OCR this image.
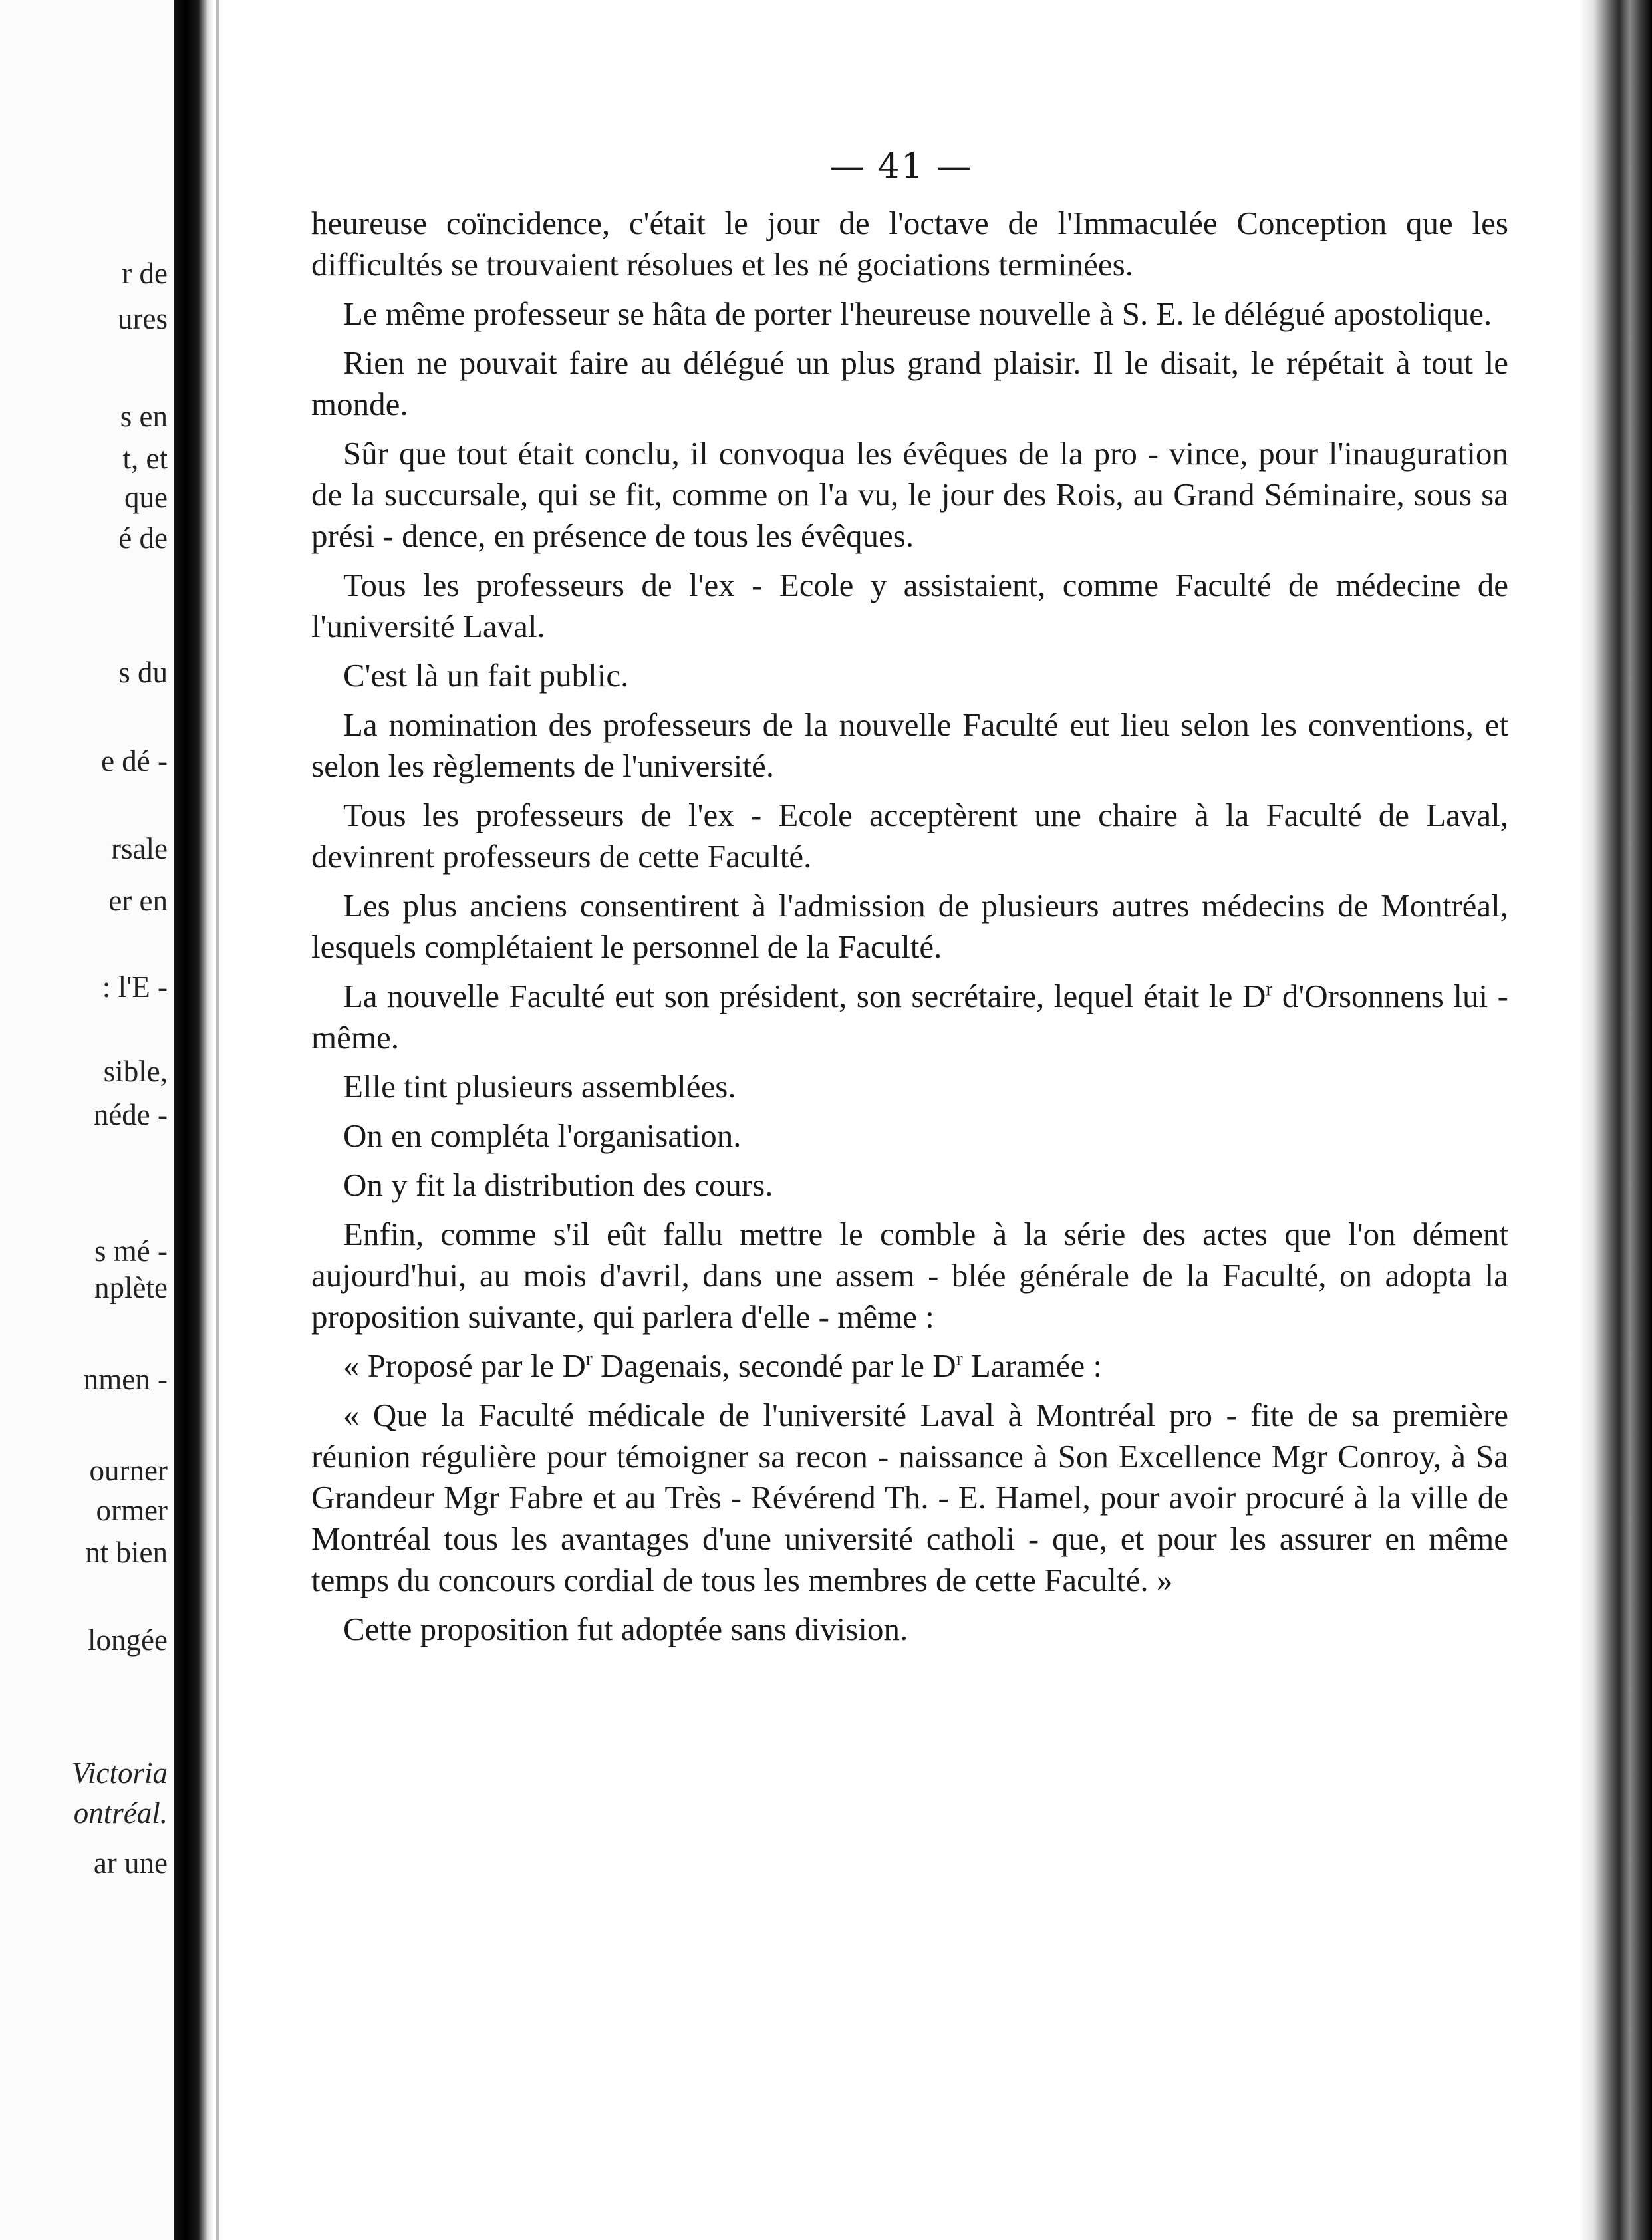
r de
ures
s en
t, et
que
é de
s du
e dé -
rsale
er en
: l'E -
sible,
néde -
s mé -
nplète
nmen -
ourner
ormer
nt bien
longée
Victoria
ontréal.
ar une
— 41 —

heureuse coïncidence, c'était le jour de l'octave de l'Immaculée Conception que les difficultés se trouvaient résolues et les né gociations terminées.

Le même professeur se hâta de porter l'heureuse nouvelle à S. E. le délégué apostolique.

Rien ne pouvait faire au délégué un plus grand plaisir. Il le disait, le répétait à tout le monde.

Sûr que tout était conclu, il convoqua les évêques de la pro - vince, pour l'inauguration de la succursale, qui se fit, comme on l'a vu, le jour des Rois, au Grand Séminaire, sous sa prési - dence, en présence de tous les évêques.

Tous les professeurs de l'ex - Ecole y assistaient, comme Faculté de médecine de l'université Laval.

C'est là un fait public.

La nomination des professeurs de la nouvelle Faculté eut lieu selon les conventions, et selon les règlements de l'université.

Tous les professeurs de l'ex - Ecole acceptèrent une chaire à la Faculté de Laval, devinrent professeurs de cette Faculté.

Les plus anciens consentirent à l'admission de plusieurs autres médecins de Montréal, lesquels complétaient le personnel de la Faculté.

La nouvelle Faculté eut son président, son secrétaire, lequel était le $D^r$ d'Orsonnens lui - même.

Elle tint plusieurs assemblées.

On en compléta l'organisation.

On y fit la distribution des cours.

Enfin, comme s'il eût fallu mettre le comble à la série des actes que l'on dément aujourd'hui, au mois d'avril, dans une assem - blée générale de la Faculté, on adopta la proposition suivante, qui parlera d'elle - même :

« Proposé par le $D^r$ Dagenais, secondé par le $D^r$ Laramée :

« Que la Faculté médicale de l'université Laval à Montréal pro - fite de sa première réunion régulière pour témoigner sa recon - naissance à Son Excellence Mgr Conroy, à Sa Grandeur Mgr Fabre et au Très - Révérend Th. - E. Hamel, pour avoir procuré à la ville de Montréal tous les avantages d'une université catholi - que, et pour les assurer en même temps du concours cordial de tous les membres de cette Faculté. »

Cette proposition fut adoptée sans division.
